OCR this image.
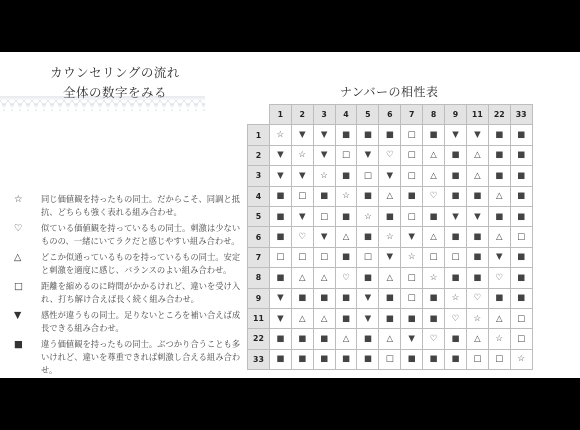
カウンセリングの流れ
全体の数字をみる	ナンバーの相性表
☆	同じ価値観を持ったもの同士。だからこそ、同調と抵抗、どちらも強く表れる組み合わせ。
♡	似ている価値観を持っているもの同士。刺激は少ないものの、一緒にいてラクだと感じやすい組み合わせ。
△	どこか似通っているものを持っているもの同士。安定と刺激を適度に感じ、バランスのよい組み合わせ。
□	距離を縮めるのに時間がかかるけれど、違いを受け入れ、打ち解け合えば長く続く組み合わせ。
▼	感性が違うもの同士。足りないところを補い合えば成長できる組み合わせ。
■	違う価値観を持ったもの同士。ぶつかり合うことも多いけれど、違いを尊重できれば刺激し合える組み合わせ。
	1	2	3	4	5	6	7	8	9	11	22	33
1	☆	▼	▼	■	■	■	□	■	▼	▼	■	■
2	▼	☆	▼	□	▼	♡	□	△	■	△	■	■
3	▼	▼	☆	■	□	▼	□	△	■	△	■	■
4	■	□	■	☆	■	△	■	♡	■	■	△	■
5	■	▼	□	■	☆	■	□	■	▼	▼	■	■
6	■	♡	▼	△	■	☆	▼	△	■	■	△	□
7	□	□	□	■	□	▼	☆	□	□	■	▼	■
8	■	△	△	♡	■	△	□	☆	■	■	♡	■
9	▼	■	■	■	▼	■	□	■	☆	♡	■	■
11	▼	△	△	■	▼	■	■	■	♡	☆	△	□
22	■	■	■	△	■	△	▼	♡	■	△	☆	□
33	■	■	■	■	■	□	■	■	■	□	□	☆
